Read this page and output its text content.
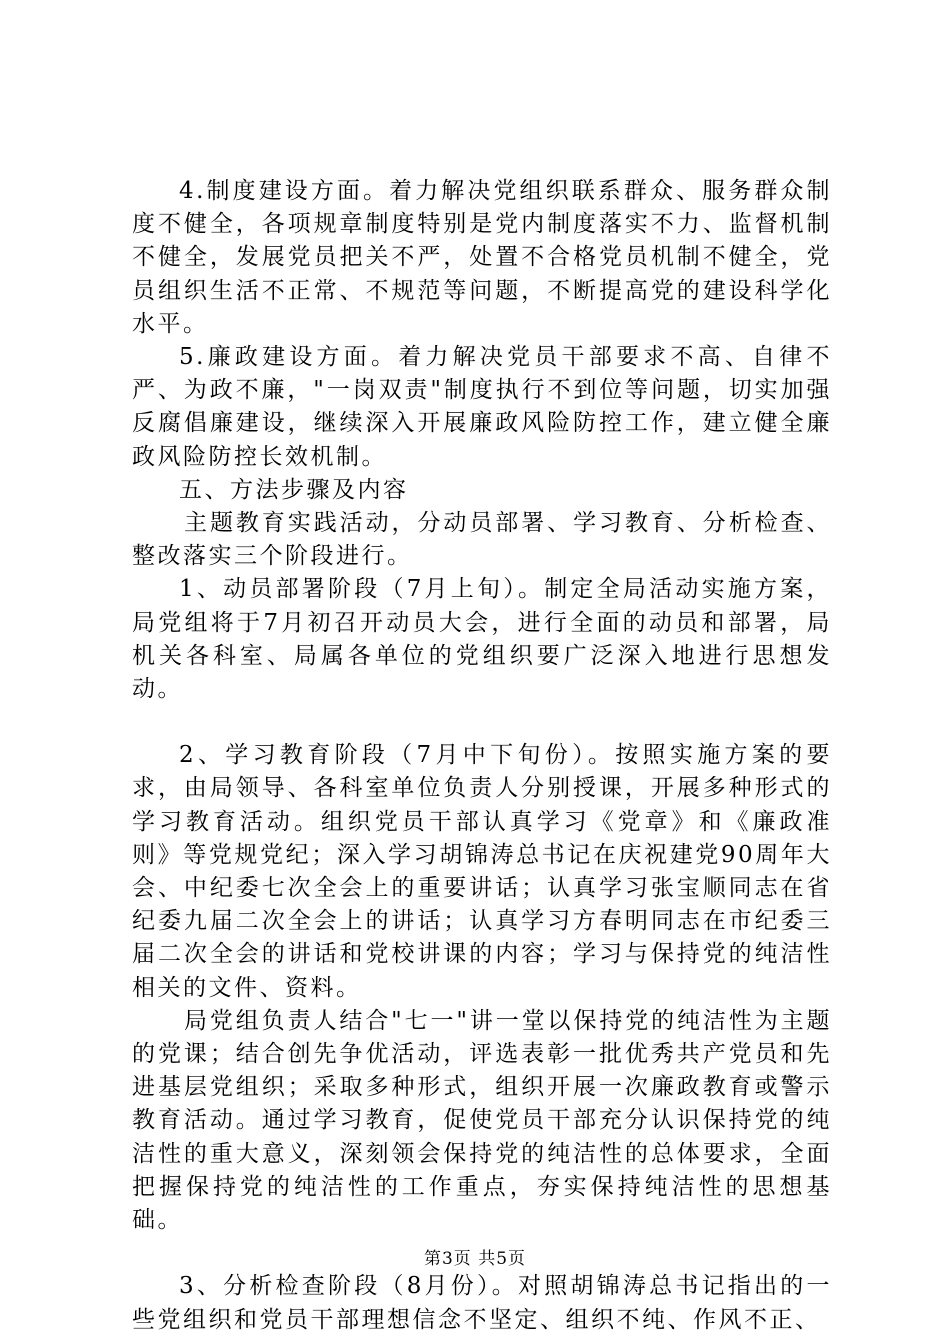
4.制度建设方面。着力解决党组织联系群众、服务群众制度不健全，各项规章制度特别是党内制度落实不力、监督机制不健全，发展党员把关不严，处置不合格党员机制不健全，党员组织生活不正常、不规范等问题，不断提高党的建设科学化水平。

5.廉政建设方面。着力解决党员干部要求不高、自律不严、为政不廉，"一岗双责"制度执行不到位等问题，切实加强反腐倡廉建设，继续深入开展廉政风险防控工作，建立健全廉政风险防控长效机制。

五、方法步骤及内容

主题教育实践活动，分动员部署、学习教育、分析检查、整改落实三个阶段进行。

1、动员部署阶段（7月上旬）。制定全局活动实施方案，局党组将于7月初召开动员大会，进行全面的动员和部署，局机关各科室、局属各单位的党组织要广泛深入地进行思想发动。

2、学习教育阶段（7月中下旬份）。按照实施方案的要求，由局领导、各科室单位负责人分别授课，开展多种形式的学习教育活动。组织党员干部认真学习《党章》和《廉政准则》等党规党纪；深入学习胡锦涛总书记在庆祝建党90周年大会、中纪委七次全会上的重要讲话；认真学习张宝顺同志在省纪委九届二次全会上的讲话；认真学习方春明同志在市纪委三届二次全会的讲话和党校讲课的内容；学习与保持党的纯洁性相关的文件、资料。

局党组负责人结合"七一"讲一堂以保持党的纯洁性为主题的党课；结合创先争优活动，评选表彰一批优秀共产党员和先进基层党组织；采取多种形式，组织开展一次廉政教育或警示教育活动。通过学习教育，促使党员干部充分认识保持党的纯洁性的重大意义，深刻领会保持党的纯洁性的总体要求，全面把握保持党的纯洁性的工作重点，夯实保持纯洁性的思想基础。

3、分析检查阶段（8月份）。对照胡锦涛总书记指出的一些党组织和党员干部理想信念不坚定、组织不纯、作风不正、

第3页 共5页
